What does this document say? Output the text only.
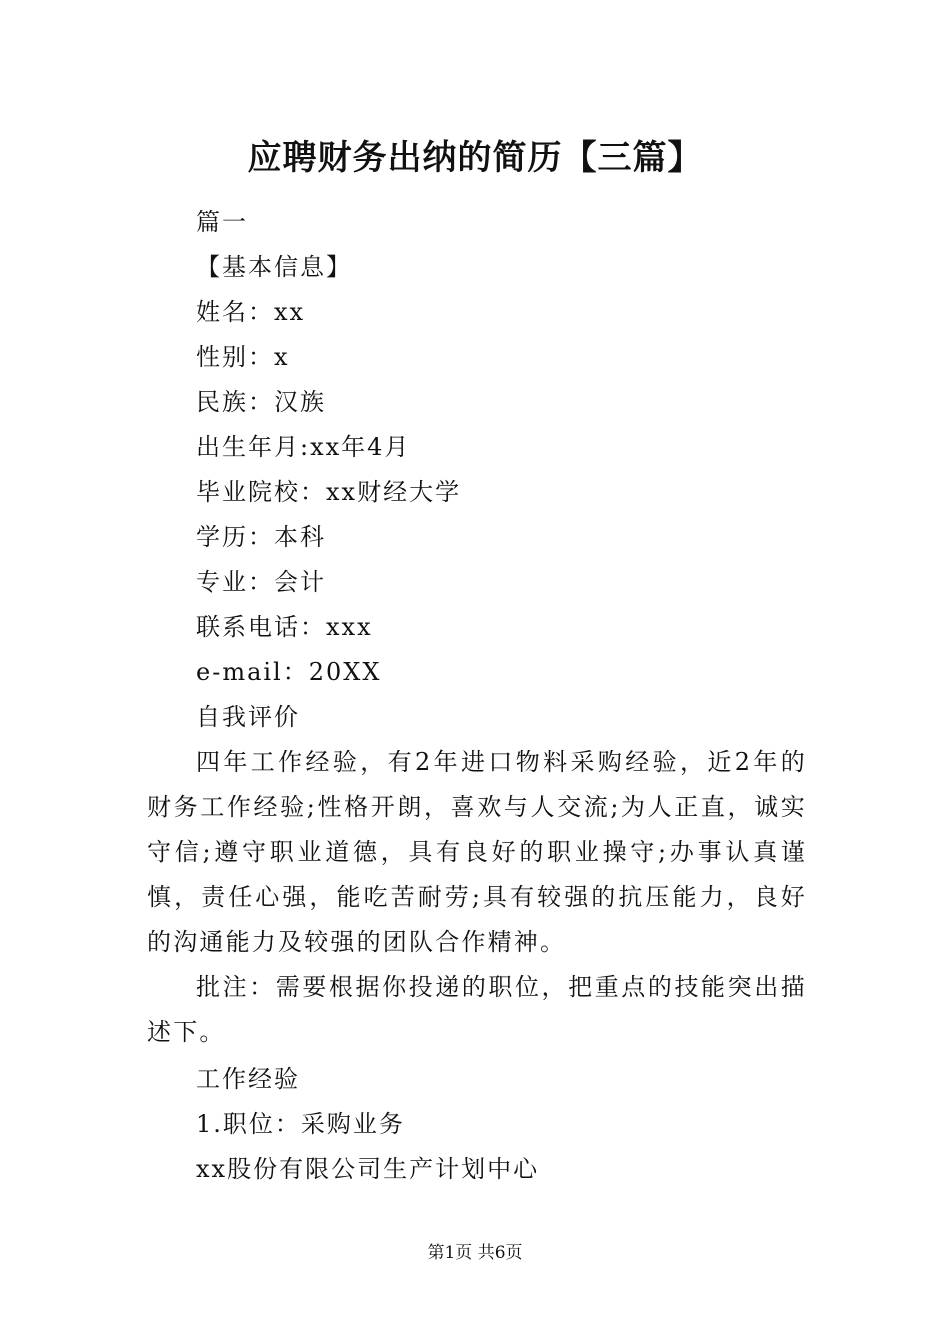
应聘财务出纳的简历【三篇】
篇一
【基本信息】
姓名：xx
性别：x
民族：汉族
出生年月:xx年4月
毕业院校：xx财经大学
学历：本科
专业：会计
联系电话：xxx
e-mail：20XX
自我评价
四年工作经验，有2年进口物料采购经验，近2年的财务工作经验;性格开朗，喜欢与人交流;为人正直，诚实守信;遵守职业道德，具有良好的职业操守;办事认真谨慎，责任心强，能吃苦耐劳;具有较强的抗压能力，良好的沟通能力及较强的团队合作精神。
批注：需要根据你投递的职位，把重点的技能突出描述下。
工作经验
1.职位：采购业务
xx股份有限公司生产计划中心
第1页 共6页
